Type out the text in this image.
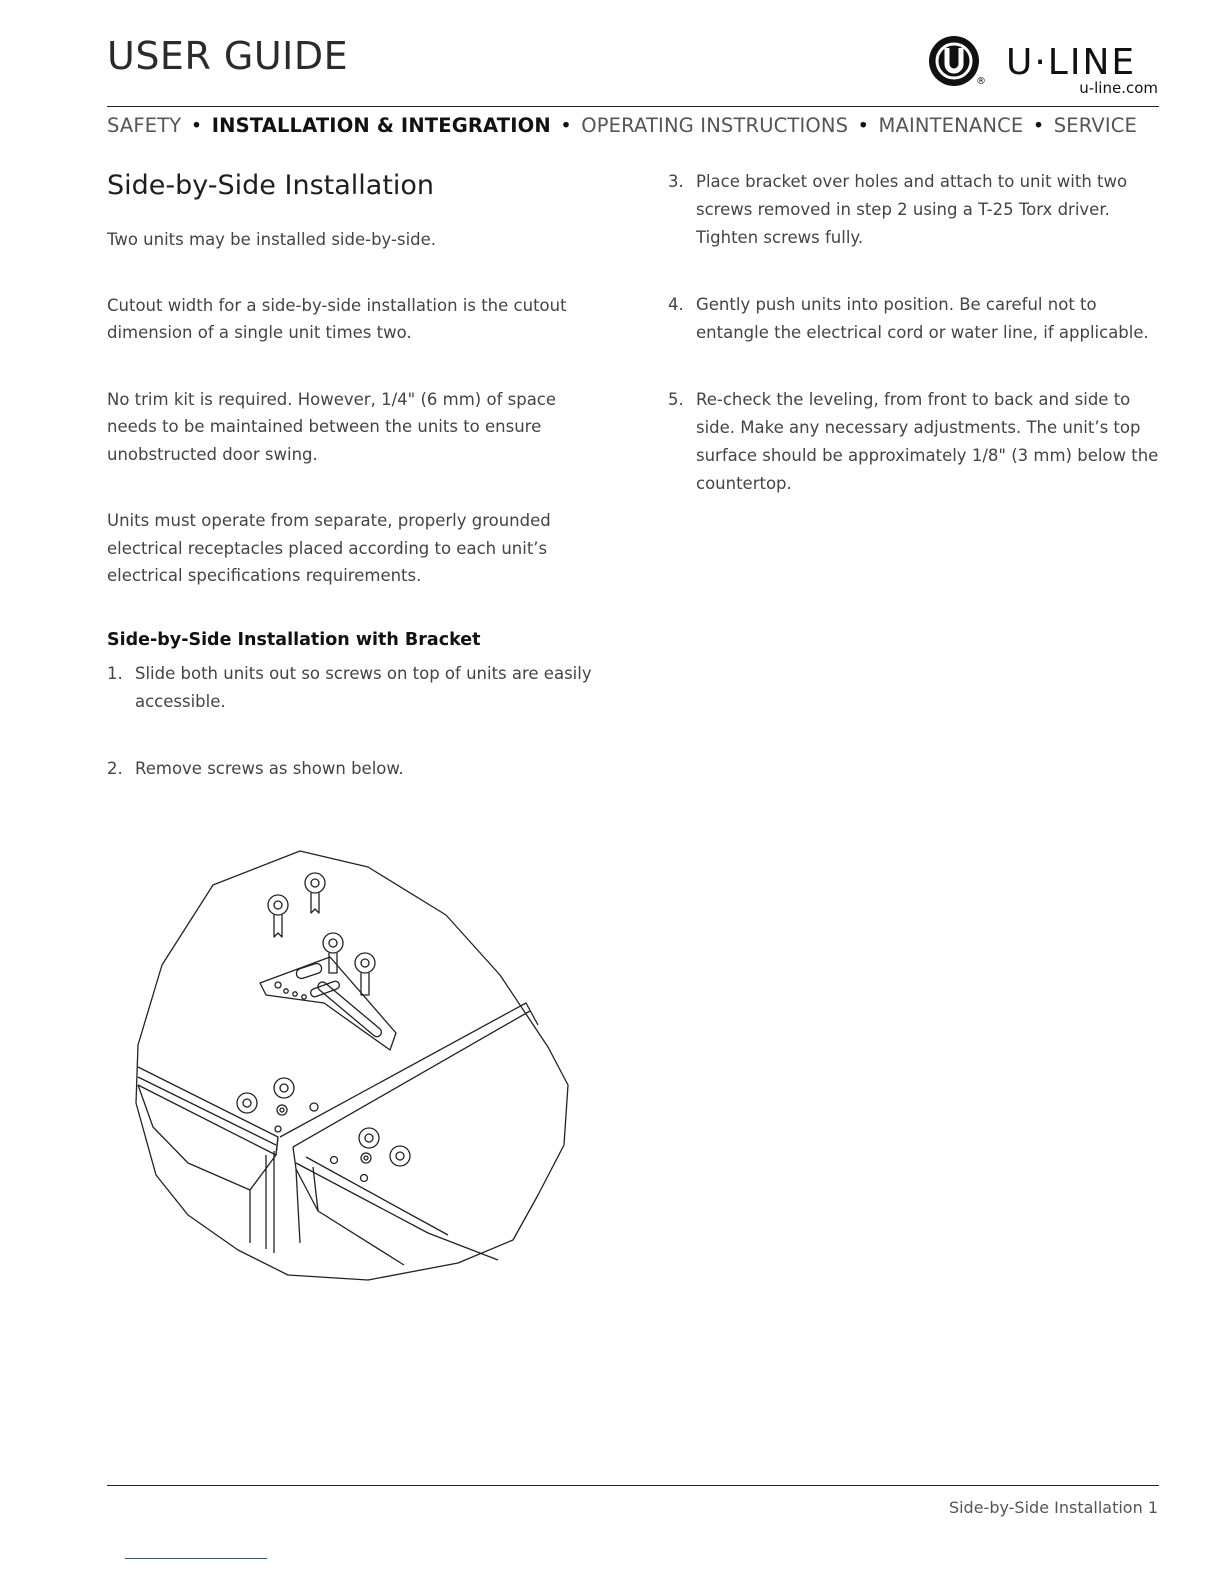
USER GUIDE
® U·LINE
u-line.com
SAFETY • INSTALLATION & INTEGRATION • OPERATING INSTRUCTIONS • MAINTENANCE • SERVICE
Side-by-Side Installation

Two units may be installed side-by-side.

Cutout width for a side-by-side installation is the cutout dimension of a single unit times two.

No trim kit is required. However, 1/4" (6 mm) of space needs to be maintained between the units to ensure unobstructed door swing.

Units must operate from separate, properly grounded electrical receptacles placed according to each unit’s electrical specifications requirements.

Side-by-Side Installation with Bracket
1. Slide both units out so screws on top of units are easily accessible.
2. Remove screws as shown below.
3. Place bracket over holes and attach to unit with two screws removed in step 2 using a T-25 Torx driver. Tighten screws fully.
4. Gently push units into position. Be careful not to entangle the electrical cord or water line, if applicable.
5. Re-check the leveling, from front to back and side to side. Make any necessary adjustments. The unit’s top surface should be approximately 1/8" (3 mm) below the countertop.
Side-by-Side Installation 1
